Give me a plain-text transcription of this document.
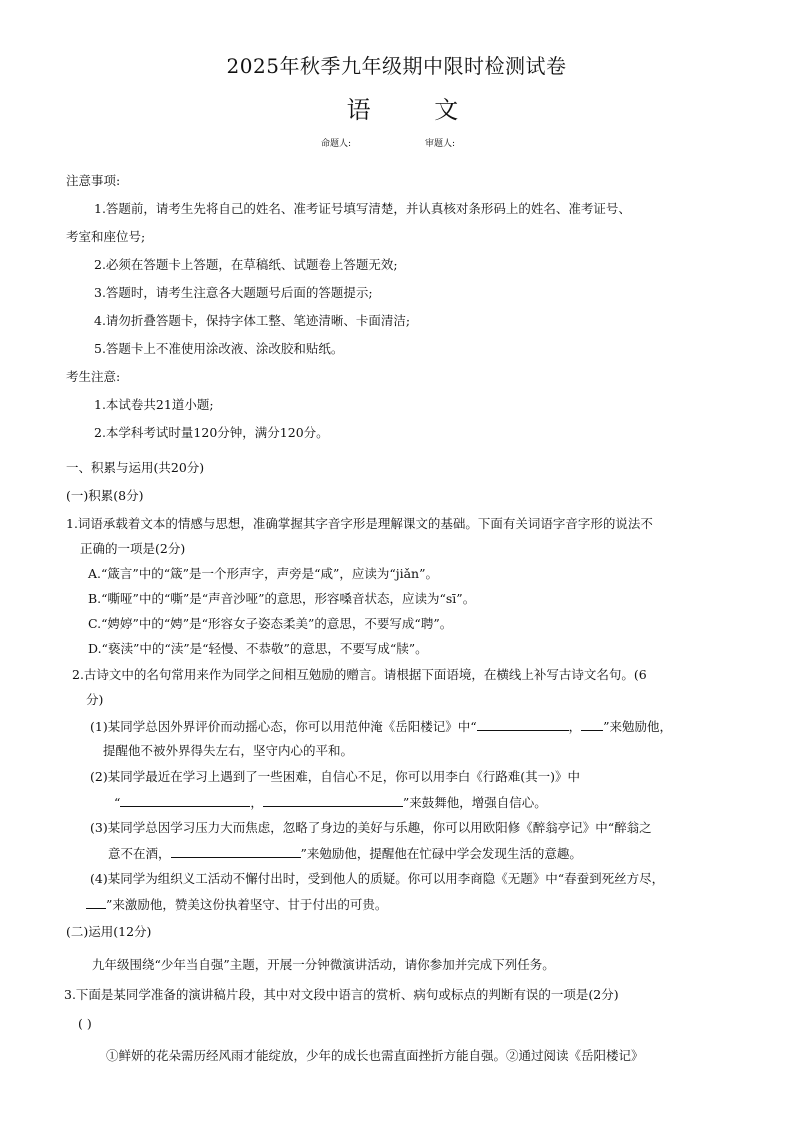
2025年秋季九年级期中限时检测试卷
语 文
命题人:	审题人:
注意事项:
1.答题前，请考生先将自己的姓名、准考证号填写清楚，并认真核对条形码上的姓名、准考证号、
考室和座位号;
2.必须在答题卡上答题，在草稿纸、试题卷上答题无效;
3.答题时，请考生注意各大题题号后面的答题提示;
4.请勿折叠答题卡，保持字体工整、笔迹清晰、卡面清洁;
5.答题卡上不准使用涂改液、涂改胶和贴纸。
考生注意:
1.本试卷共21道小题;
2.本学科考试时量120分钟，满分120分。
一、积累与运用(共20分)
(一)积累(8分)
1.词语承载着文本的情感与思想，准确掌握其字音字形是理解课文的基础。下面有关词语字音字形的说法不
正确的一项是(2分)
A.“箴言”中的“箴”是一个形声字，声旁是“咸”，应读为“jiǎn”。
B.“嘶哑”中的“嘶”是“声音沙哑”的意思，形容嗓音状态，应读为“sī”。
C.“娉婷”中的“娉”是“形容女子姿态柔美”的意思，不要写成“聘”。
D.“亵渎”中的“渎”是“轻慢、不恭敬”的意思，不要写成“牍”。
2.古诗文中的名句常用来作为同学之间相互勉励的赠言。请根据下面语境，在横线上补写古诗文名句。(6
分)
(1)某同学总因外界评价而动摇心态，你可以用范仲淹《岳阳楼记》中“	， ”来勉励他，
提醒他不被外界得失左右，坚守内心的平和。
(2)某同学最近在学习上遇到了一些困难，自信心不足，你可以用李白《行路难(其一)》中
“	，	”来鼓舞他，增强自信心。
(3)某同学总因学习压力大而焦虑，忽略了身边的美好与乐趣，你可以用欧阳修《醉翁亭记》中“醉翁之
意不在酒，	”来勉励他，提醒他在忙碌中学会发现生活的意趣。
(4)某同学为组织义工活动不懈付出时，受到他人的质疑。你可以用李商隐《无题》中“春蚕到死丝方尽，
”来激励他，赞美这份执着坚守、甘于付出的可贵。
(二)运用(12分)
九年级围绕“少年当自强”主题，开展一分钟微演讲活动，请你参加并完成下列任务。
3.下面是某同学准备的演讲稿片段，其中对文段中语言的赏析、病句或标点的判断有误的一项是(2分)
( )
①鲜妍的花朵需历经风雨才能绽放，少年的成长也需直面挫折方能自强。②通过阅读《岳阳楼记》
